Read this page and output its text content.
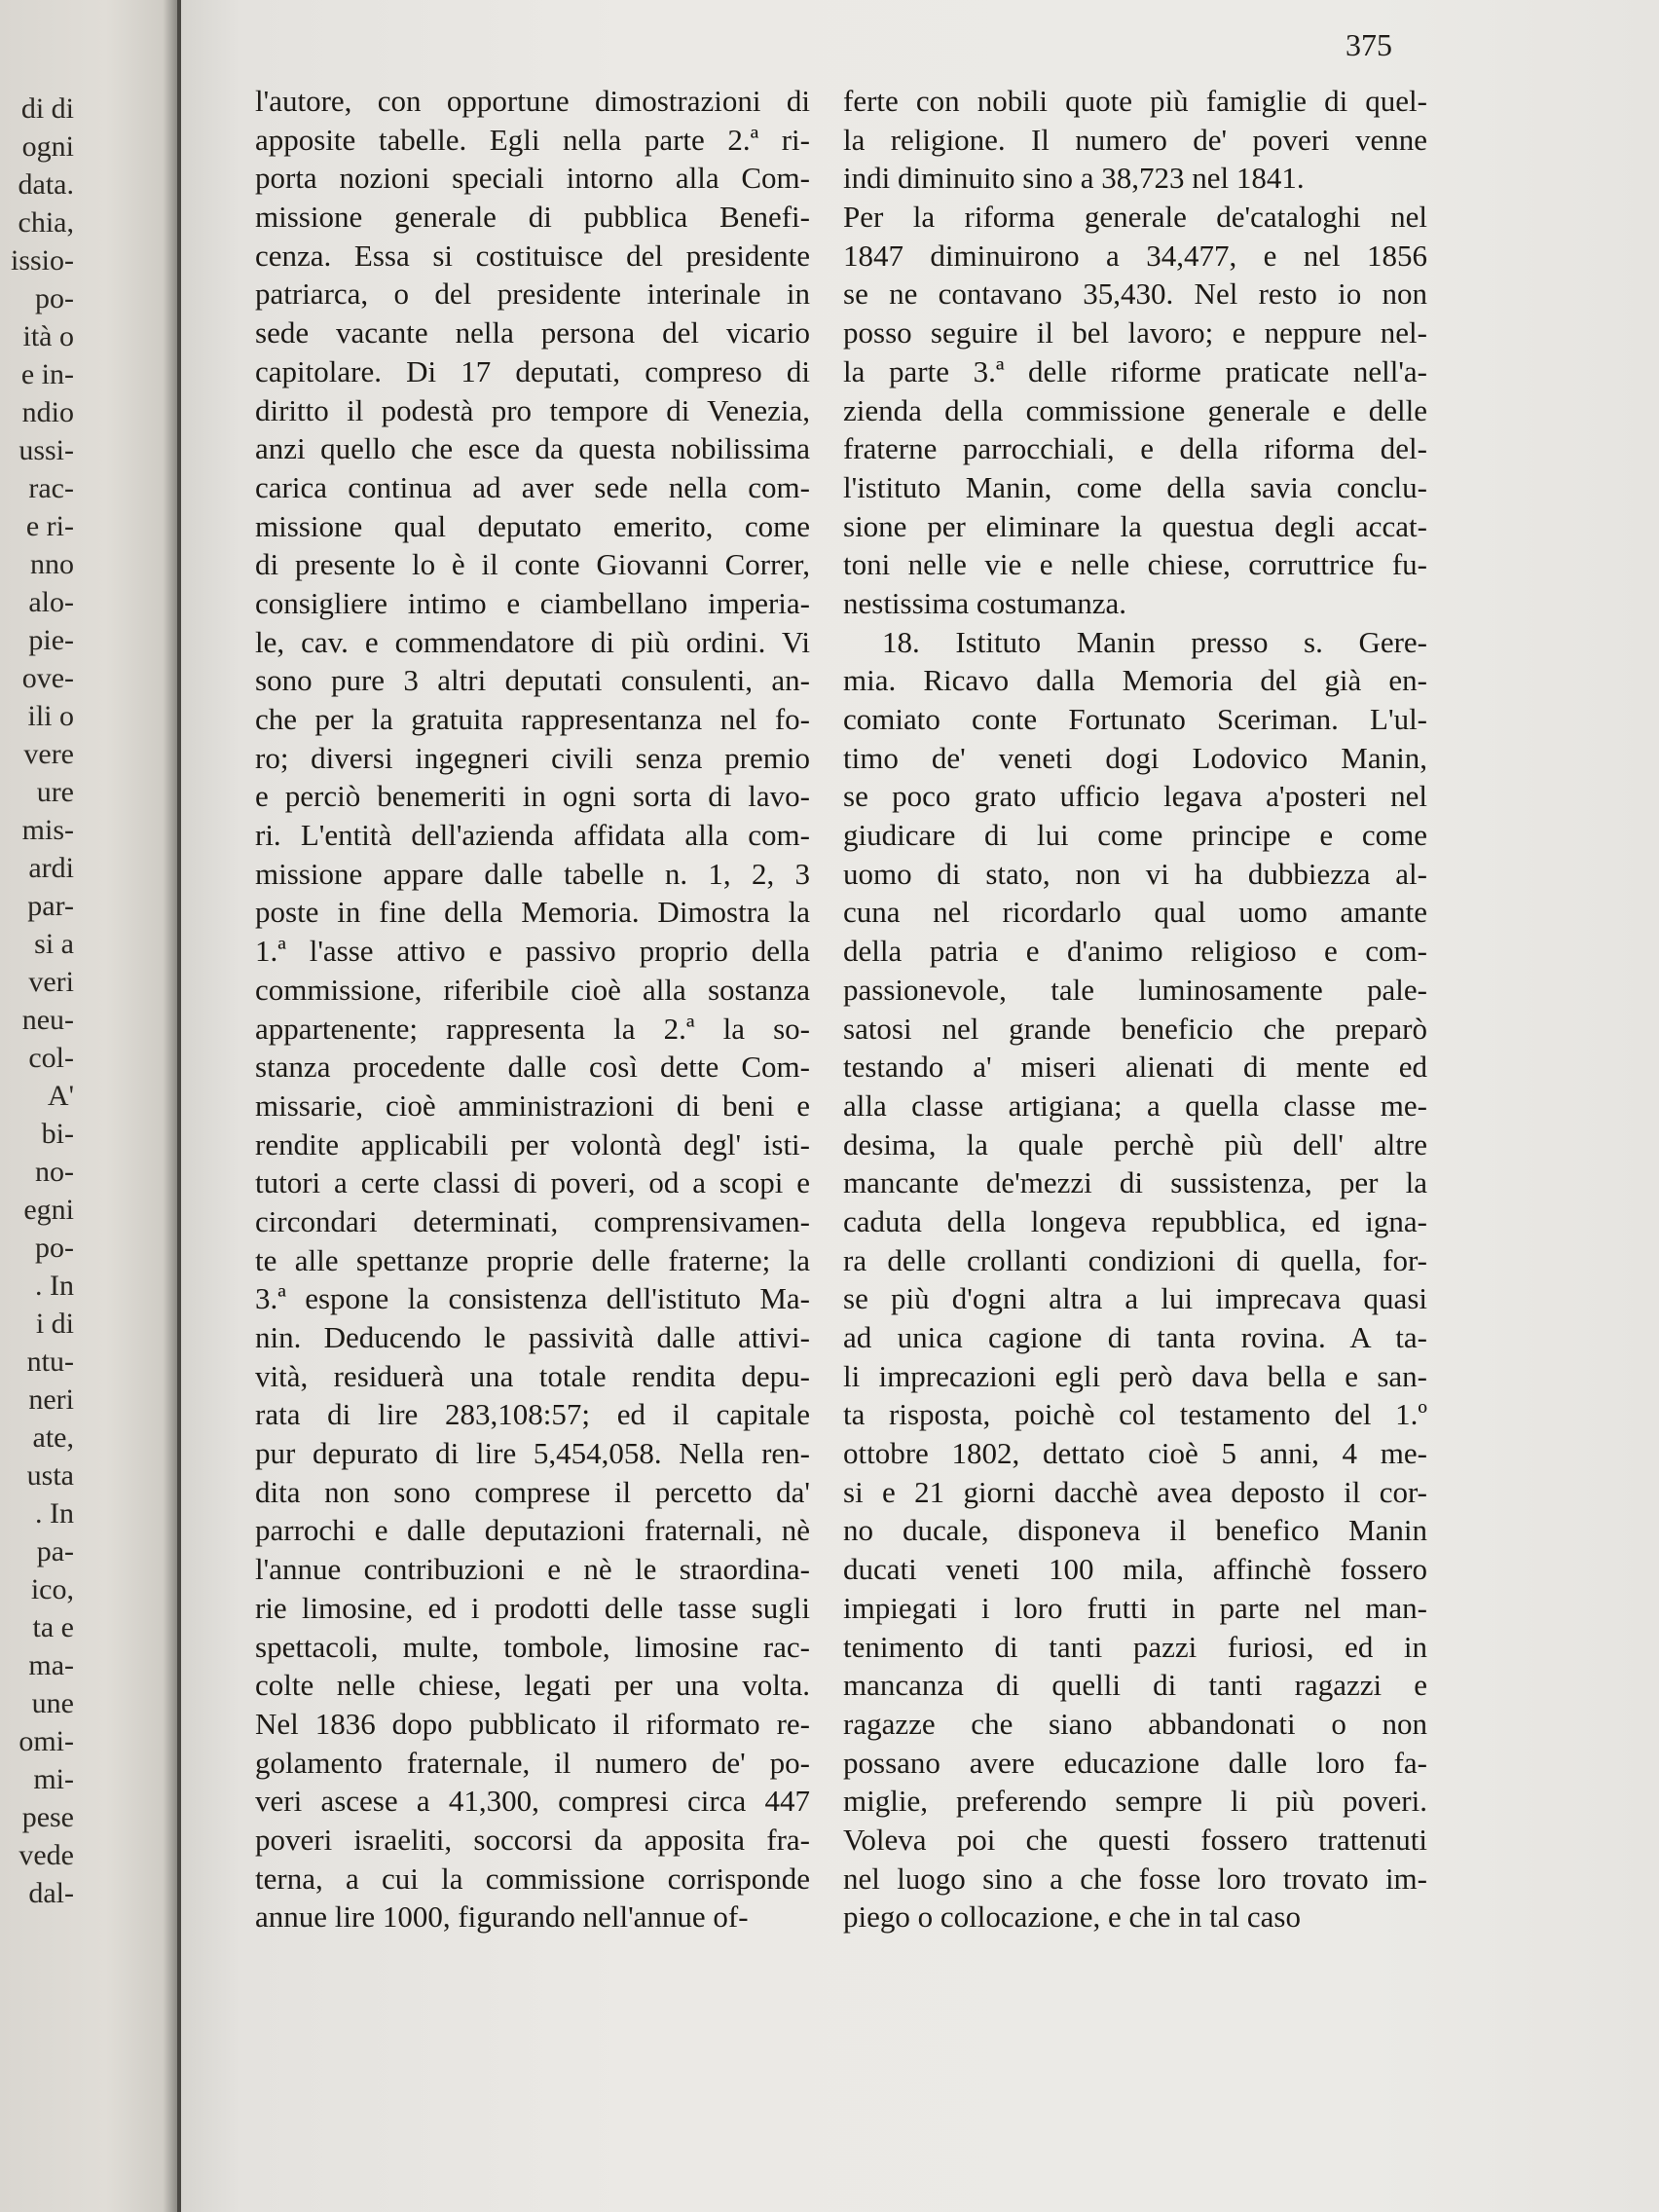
di di
ogni
data.
chia,
issio-
po-
ità o
e in-
ndio
ussi-
rac-
e ri-
nno
alo-
pie-
ove-
ili o
vere
ure
mis-
ardi
par-
si a
veri
neu-
col-
A'
bi-
no-
egni
po-
. In
i di
ntu-
neri
ate,
usta
. In
pa-
ico,
ta e
ma-
une
omi-
mi-
pese
vede
dal-
375
l'autore, con opportune dimostrazioni di
apposite tabelle. Egli nella parte 2.ª ri-
porta nozioni speciali intorno alla Com-
missione generale di pubblica Benefi-
cenza. Essa si costituisce del presidente
patriarca, o del presidente interinale in
sede vacante nella persona del vicario
capitolare. Di 17 deputati, compreso di
diritto il podestà pro tempore di Venezia,
anzi quello che esce da questa nobilissima
carica continua ad aver sede nella com-
missione qual deputato emerito, come
di presente lo è il conte Giovanni Correr,
consigliere intimo e ciambellano imperia-
le, cav. e commendatore di più ordini. Vi
sono pure 3 altri deputati consulenti, an-
che per la gratuita rappresentanza nel fo-
ro; diversi ingegneri civili senza premio
e perciò benemeriti in ogni sorta di lavo-
ri. L'entità dell'azienda affidata alla com-
missione appare dalle tabelle n. 1, 2, 3
poste in fine della Memoria. Dimostra la
1.ª l'asse attivo e passivo proprio della
commissione, riferibile cioè alla sostanza
appartenente; rappresenta la 2.ª la so-
stanza procedente dalle così dette Com-
missarie, cioè amministrazioni di beni e
rendite applicabili per volontà degl' isti-
tutori a certe classi di poveri, od a scopi e
circondari determinati, comprensivamen-
te alle spettanze proprie delle fraterne; la
3.ª espone la consistenza dell'istituto Ma-
nin. Deducendo le passività dalle attivi-
vità, residuerà una totale rendita depu-
rata di lire 283,108:57; ed il capitale
pur depurato di lire 5,454,058. Nella ren-
dita non sono comprese il percetto da'
parrochi e dalle deputazioni fraternali, nè
l'annue contribuzioni e nè le straordina-
rie limosine, ed i prodotti delle tasse sugli
spettacoli, multe, tombole, limosine rac-
colte nelle chiese, legati per una volta.
Nel 1836 dopo pubblicato il riformato re-
golamento fraternale, il numero de' po-
veri ascese a 41,300, compresi circa 447
poveri israeliti, soccorsi da apposita fra-
terna, a cui la commissione corrisponde
annue lire 1000, figurando nell'annue of-
ferte con nobili quote più famiglie di quel-
la religione. Il numero de' poveri venne
indi diminuito sino a 38,723 nel 1841.
Per la riforma generale de'cataloghi nel
1847 diminuirono a 34,477, e nel 1856
se ne contavano 35,430. Nel resto io non
posso seguire il bel lavoro; e neppure nel-
la parte 3.ª delle riforme praticate nell'a-
zienda della commissione generale e delle
fraterne parrocchiali, e della riforma del-
l'istituto Manin, come della savia conclu-
sione per eliminare la questua degli accat-
toni nelle vie e nelle chiese, corruttrice fu-
nestissima costumanza.
18. Istituto Manin presso s. Gere-
mia. Ricavo dalla Memoria del già en-
comiato conte Fortunato Sceriman. L'ul-
timo de' veneti dogi Lodovico Manin,
se poco grato ufficio legava a'posteri nel
giudicare di lui come principe e come
uomo di stato, non vi ha dubbiezza al-
cuna nel ricordarlo qual uomo amante
della patria e d'animo religioso e com-
passionevole, tale luminosamente pale-
satosi nel grande beneficio che preparò
testando a' miseri alienati di mente ed
alla classe artigiana; a quella classe me-
desima, la quale perchè più dell' altre
mancante de'mezzi di sussistenza, per la
caduta della longeva repubblica, ed igna-
ra delle crollanti condizioni di quella, for-
se più d'ogni altra a lui imprecava quasi
ad unica cagione di tanta rovina. A ta-
li imprecazioni egli però dava bella e san-
ta risposta, poichè col testamento del 1.º
ottobre 1802, dettato cioè 5 anni, 4 me-
si e 21 giorni dacchè avea deposto il cor-
no ducale, disponeva il benefico Manin
ducati veneti 100 mila, affinchè fossero
impiegati i loro frutti in parte nel man-
tenimento di tanti pazzi furiosi, ed in
mancanza di quelli di tanti ragazzi e
ragazze che siano abbandonati o non
possano avere educazione dalle loro fa-
miglie, preferendo sempre li più poveri.
Voleva poi che questi fossero trattenuti
nel luogo sino a che fosse loro trovato im-
piego o collocazione, e che in tal caso
